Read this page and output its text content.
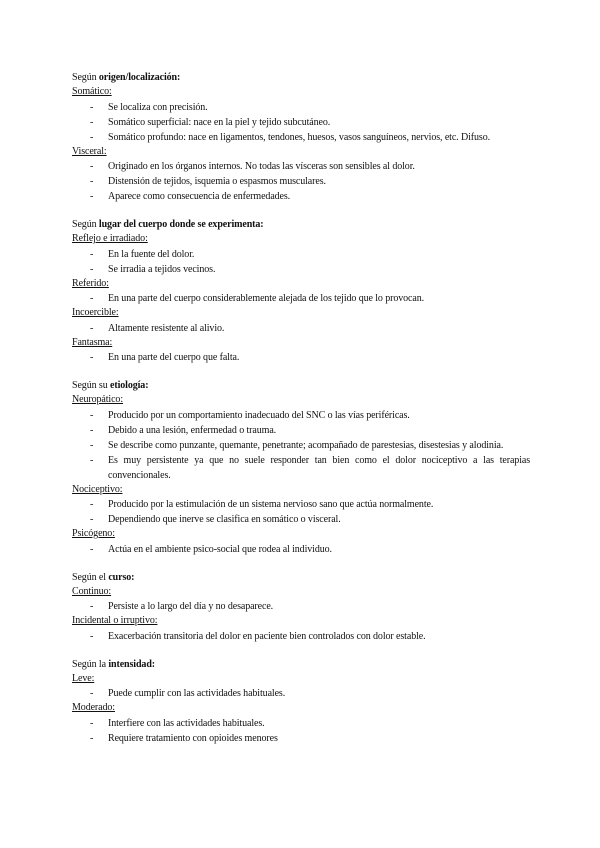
Según origen/localización:
Somático:
- Se localiza con precisión.
- Somático superficial: nace en la piel y tejido subcutáneo.
- Somático profundo: nace en ligamentos, tendones, huesos, vasos sanguíneos, nervios, etc. Difuso.
Visceral:
- Originado en los órganos internos. No todas las vísceras son sensibles al dolor.
- Distensión de tejidos, isquemia o espasmos musculares.
- Aparece como consecuencia de enfermedades.
Según lugar del cuerpo donde se experimenta:
Reflejo e irradiado:
- En la fuente del dolor.
- Se irradia a tejidos vecinos.
Referido:
- En una parte del cuerpo considerablemente alejada de los tejido que lo provocan.
Incoercible:
- Altamente resistente al alivio.
Fantasma:
- En una parte del cuerpo que falta.
Según su etiología:
Neuropático:
- Producido por un comportamiento inadecuado del SNC o las vías periféricas.
- Debido a una lesión, enfermedad o trauma.
- Se describe como punzante, quemante, penetrante; acompañado de parestesias, disestesias y alodinia.
- Es muy persistente ya que no suele responder tan bien como el dolor nociceptivo a las terapias convencionales.
Nociceptivo:
- Producido por la estimulación de un sistema nervioso sano que actúa normalmente.
- Dependiendo que inerve se clasifica en somático o visceral.
Psicógeno:
- Actúa en el ambiente psico-social que rodea al individuo.
Según el curso:
Continuo:
- Persiste a lo largo del día y no desaparece.
Incidental o irruptivo:
- Exacerbación transitoria del dolor en paciente bien controlados con dolor estable.
Según la intensidad:
Leve:
- Puede cumplir con las actividades habituales.
Moderado:
- Interfiere con las actividades habituales.
- Requiere tratamiento con opioides menores
